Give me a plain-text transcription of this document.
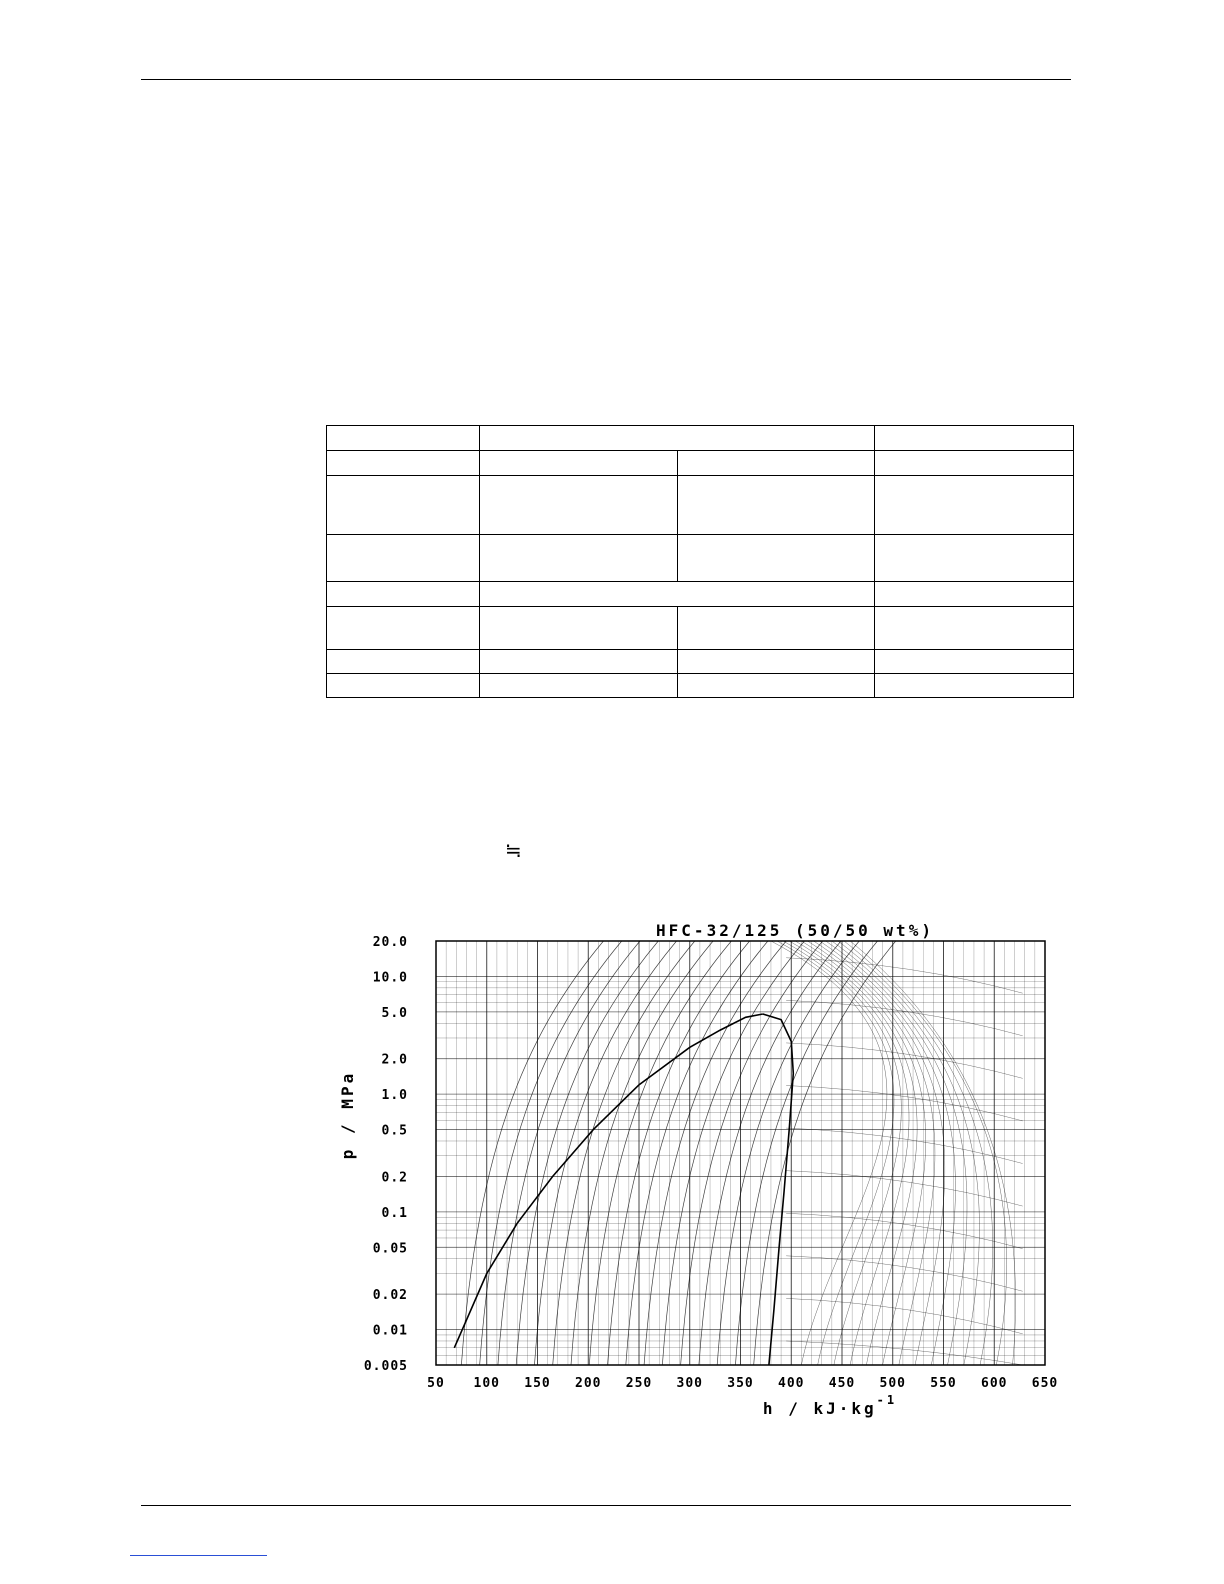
≒
HFC-32/125 (50/50 wt%)
50 100 150 200 250 300 350 400 450 500 550 600 650
20.0
10.0
5.0
2.0
1.0
0.5
0.2
0.1
0.05
0.02
0.01
0.005
$h / kJ\cdot kg^{-1}$
p / MPa
